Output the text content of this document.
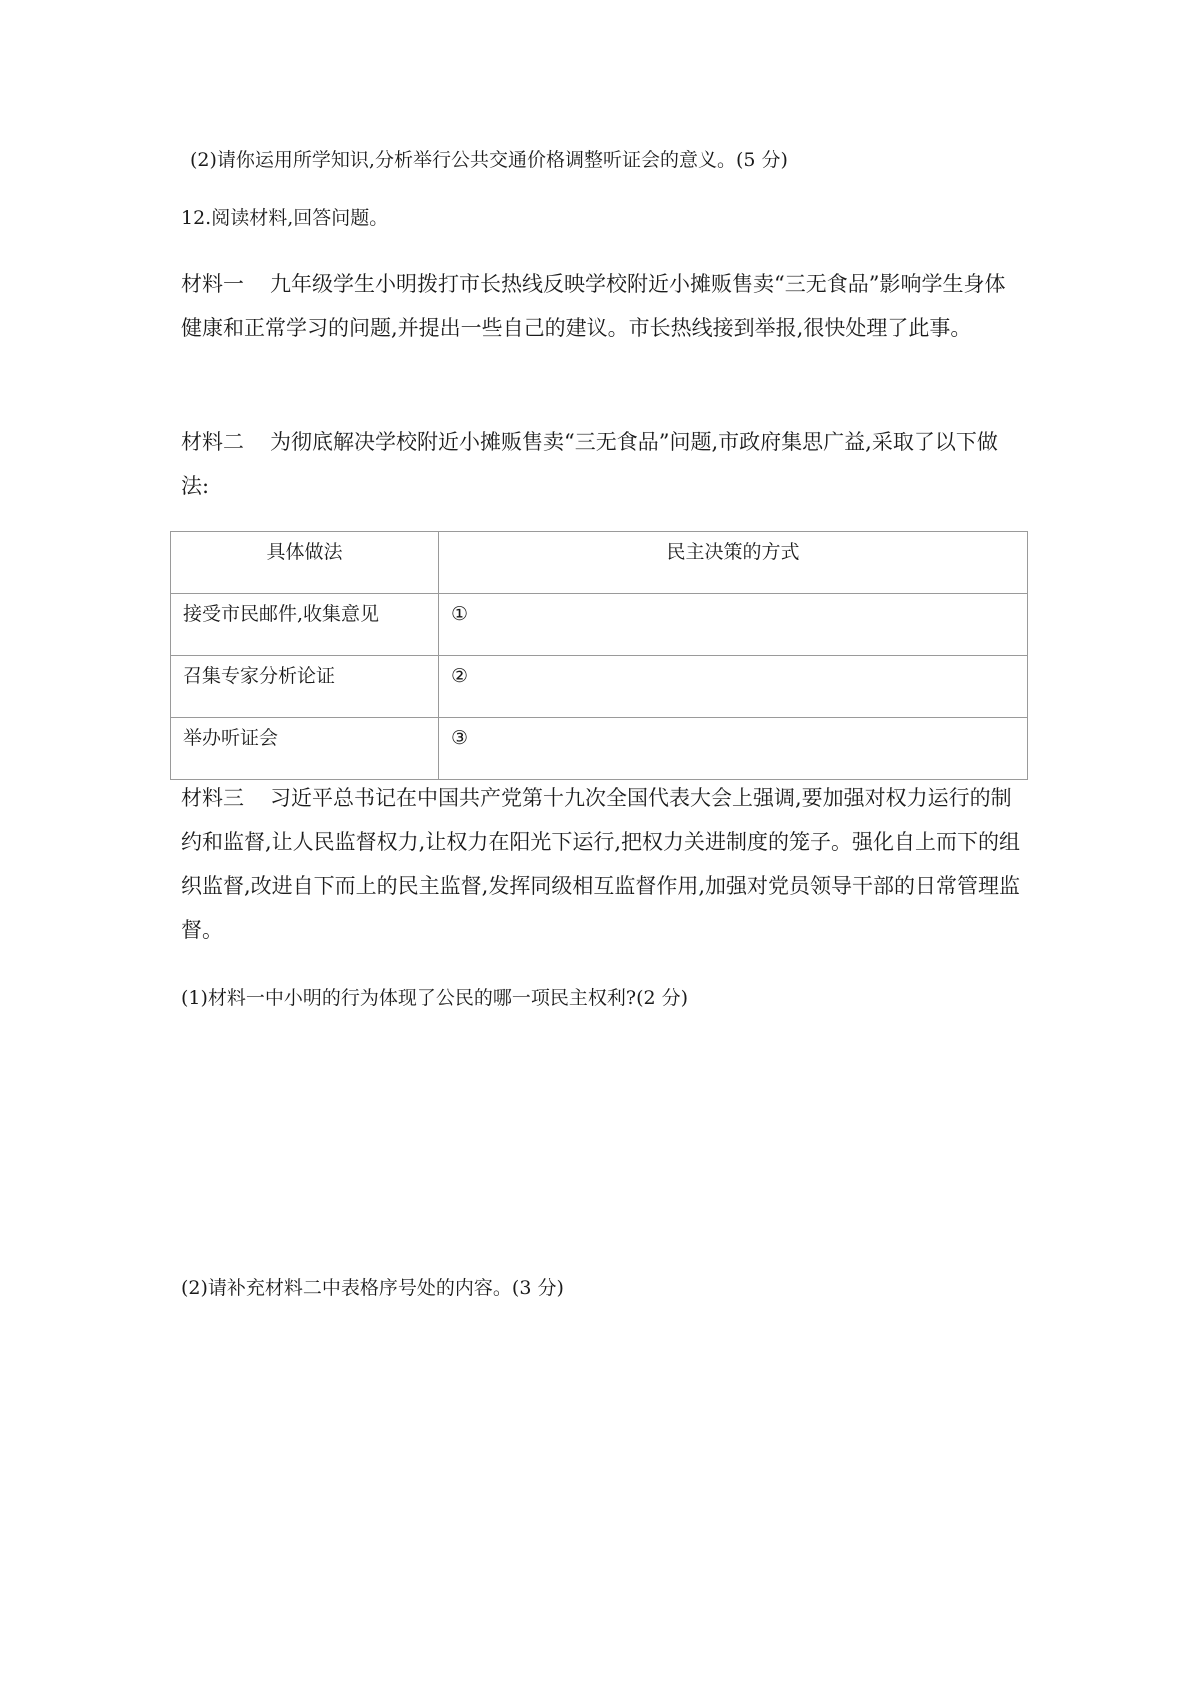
(2)请你运用所学知识,分析举行公共交通价格调整听证会的意义。(5 分)

12.阅读材料,回答问题。

材料一 九年级学生小明拨打市长热线反映学校附近小摊贩售卖“三无食品”影响学生身体健康和正常学习的问题,并提出一些自己的建议。市长热线接到举报,很快处理了此事。

材料二 为彻底解决学校附近小摊贩售卖“三无食品”问题,市政府集思广益,采取了以下做法:

具体做法	民主决策的方式
接受市民邮件,收集意见	①
召集专家分析论证	②
举办听证会	③

材料三 习近平总书记在中国共产党第十九次全国代表大会上强调,要加强对权力运行的制约和监督,让人民监督权力,让权力在阳光下运行,把权力关进制度的笼子。强化自上而下的组织监督,改进自下而上的民主监督,发挥同级相互监督作用,加强对党员领导干部的日常管理监督。

(1)材料一中小明的行为体现了公民的哪一项民主权利?(2 分)

(2)请补充材料二中表格序号处的内容。(3 分)
